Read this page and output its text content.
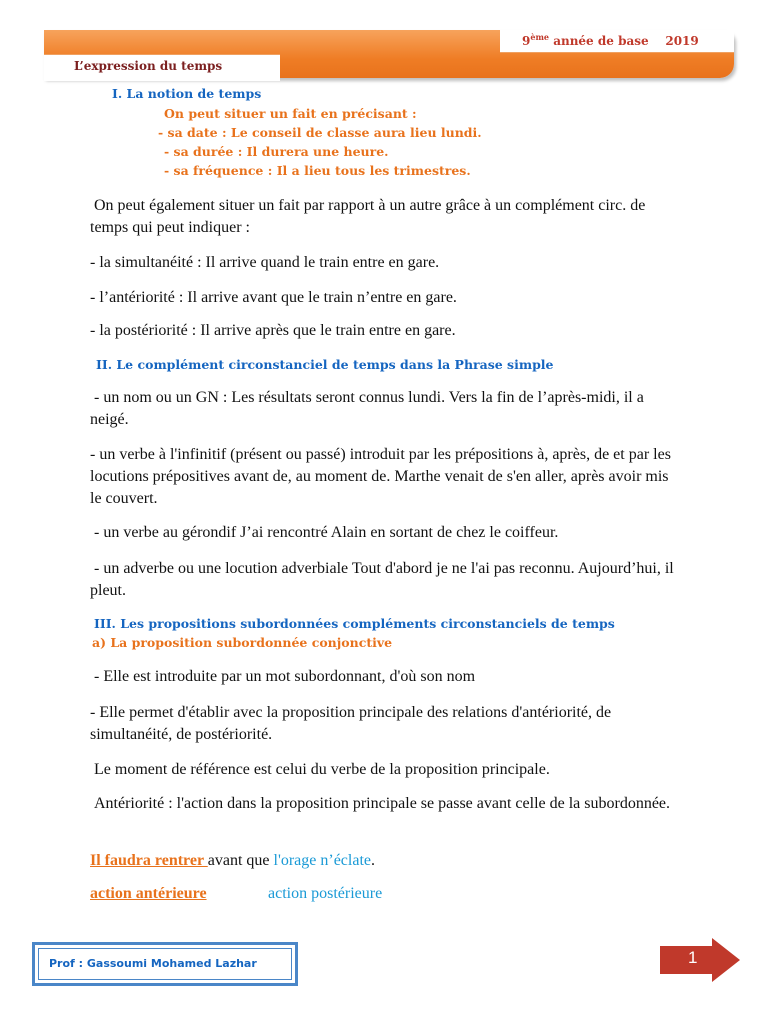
9ème année de base 2019
L’expression du temps
I. La notion de temps
On peut situer un fait en précisant :
- sa date : Le conseil de classe aura lieu lundi.
- sa durée : Il durera une heure.
- sa fréquence : Il a lieu tous les trimestres.
On peut également situer un fait par rapport à un autre grâce à un complément circ. de temps qui peut indiquer :
- la simultanéité : Il arrive quand le train entre en gare.
- l’antériorité : Il arrive avant que le train n’entre en gare.
- la postériorité : Il arrive après que le train entre en gare.
II. Le complément circonstanciel de temps dans la Phrase simple
- un nom ou un GN : Les résultats seront connus lundi. Vers la fin de l’après-midi, il a neigé.
- un verbe à l'infinitif (présent ou passé) introduit par les prépositions à, après, de et par les locutions prépositives avant de, au moment de. Marthe venait de s'en aller, après avoir mis le couvert.
- un verbe au gérondif J’ai rencontré Alain en sortant de chez le coiffeur.
- un adverbe ou une locution adverbiale Tout d'abord je ne l'ai pas reconnu. Aujourd’hui, il pleut.
III. Les propositions subordonnées compléments circonstanciels de temps
a) La proposition subordonnée conjonctive
- Elle est introduite par un mot subordonnant, d'où son nom
- Elle permet d'établir avec la proposition principale des relations d'antériorité, de simultanéité, de postériorité.
Le moment de référence est celui du verbe de la proposition principale.
Antériorité : l'action dans la proposition principale se passe avant celle de la subordonnée.
Il faudra rentrer avant que l'orage n’éclate.
action antérieure	action postérieure
Prof : Gassoumi Mohamed Lazhar	1
